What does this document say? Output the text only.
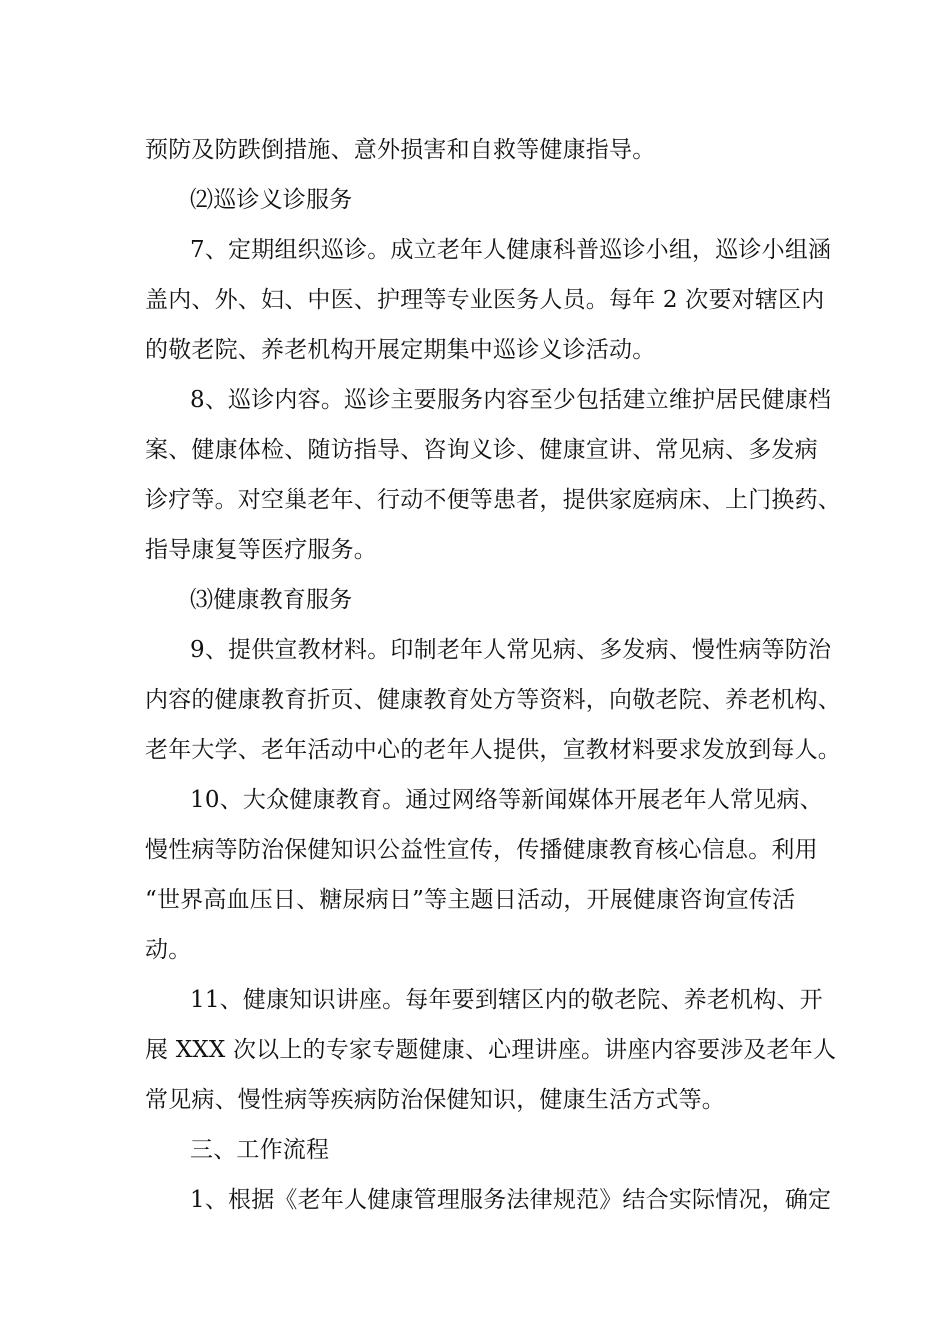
预防及防跌倒措施、意外损害和自救等健康指导。
⑵巡诊义诊服务
7、定期组织巡诊。成立老年人健康科普巡诊小组，巡诊小组涵
盖内、外、妇、中医、护理等专业医务人员。每年 2 次要对辖区内
的敬老院、养老机构开展定期集中巡诊义诊活动。
8、巡诊内容。巡诊主要服务内容至少包括建立维护居民健康档
案、健康体检、随访指导、咨询义诊、健康宣讲、常见病、多发病
诊疗等。对空巢老年、行动不便等患者，提供家庭病床、上门换药、
指导康复等医疗服务。
⑶健康教育服务
9、提供宣教材料。印制老年人常见病、多发病、慢性病等防治
内容的健康教育折页、健康教育处方等资料，向敬老院、养老机构、
老年大学、老年活动中心的老年人提供，宣教材料要求发放到每人。
10、大众健康教育。通过网络等新闻媒体开展老年人常见病、
慢性病等防治保健知识公益性宣传，传播健康教育核心信息。利用
“世界高血压日、糖尿病日”等主题日活动，开展健康咨询宣传活
动。
11、健康知识讲座。每年要到辖区内的敬老院、养老机构、开
展 XXX 次以上的专家专题健康、心理讲座。讲座内容要涉及老年人
常见病、慢性病等疾病防治保健知识，健康生活方式等。
三、工作流程
1、根据《老年人健康管理服务法律规范》结合实际情况，确定
